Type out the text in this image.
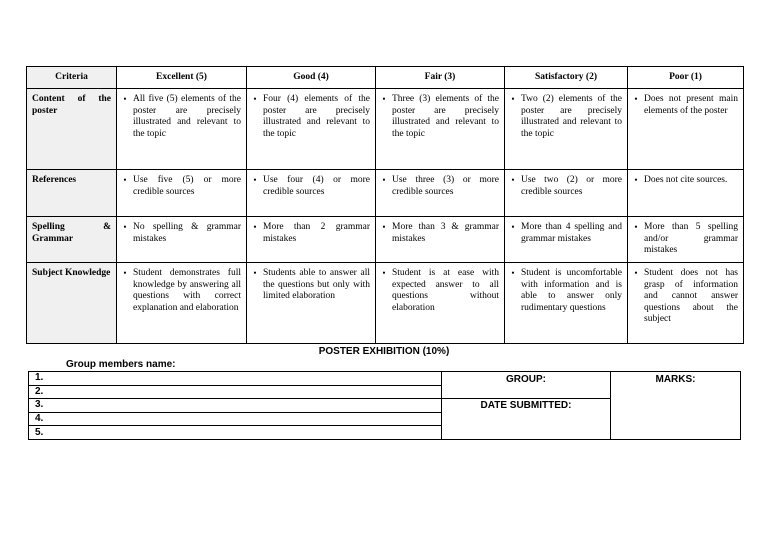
Criteria	Excellent (5)	Good (4)	Fair (3)	Satisfactory (2)	Poor (1)
Content of the poster	• All five (5) elements of the poster are precisely illustrated and relevant to the topic	• Four (4) elements of the poster are precisely illustrated and relevant to the topic	• Three (3) elements of the poster are precisely illustrated and relevant to the topic	• Two (2) elements of the poster are precisely illustrated and relevant to the topic	• Does not present main elements of the poster

References	• Use five (5) or more credible sources	• Use four (4) or more credible sources	• Use three (3) or more credible sources	• Use two (2) or more credible sources	• Does not cite sources.

Spelling & Grammar	• No spelling & grammar mistakes	• More than 2 grammar mistakes	• More than 3 & grammar mistakes	• More than 4 spelling and grammar mistakes	• More than 5 spelling and/or grammar mistakes

Subject Knowledge	• Student demonstrates full knowledge by answering all questions with correct explanation and elaboration	• Students able to answer all the questions but only with limited elaboration	• Student is at ease with expected answer to all questions without elaboration	• Student is uncomfortable with information and is able to answer only rudimentary questions	• Student does not has grasp of information and cannot answer questions about the subject
POSTER EXHIBITION (10%)
Group members name:
1.	GROUP:	MARKS:
2.		
3.	DATE SUBMITTED:	
4.		
5.		
